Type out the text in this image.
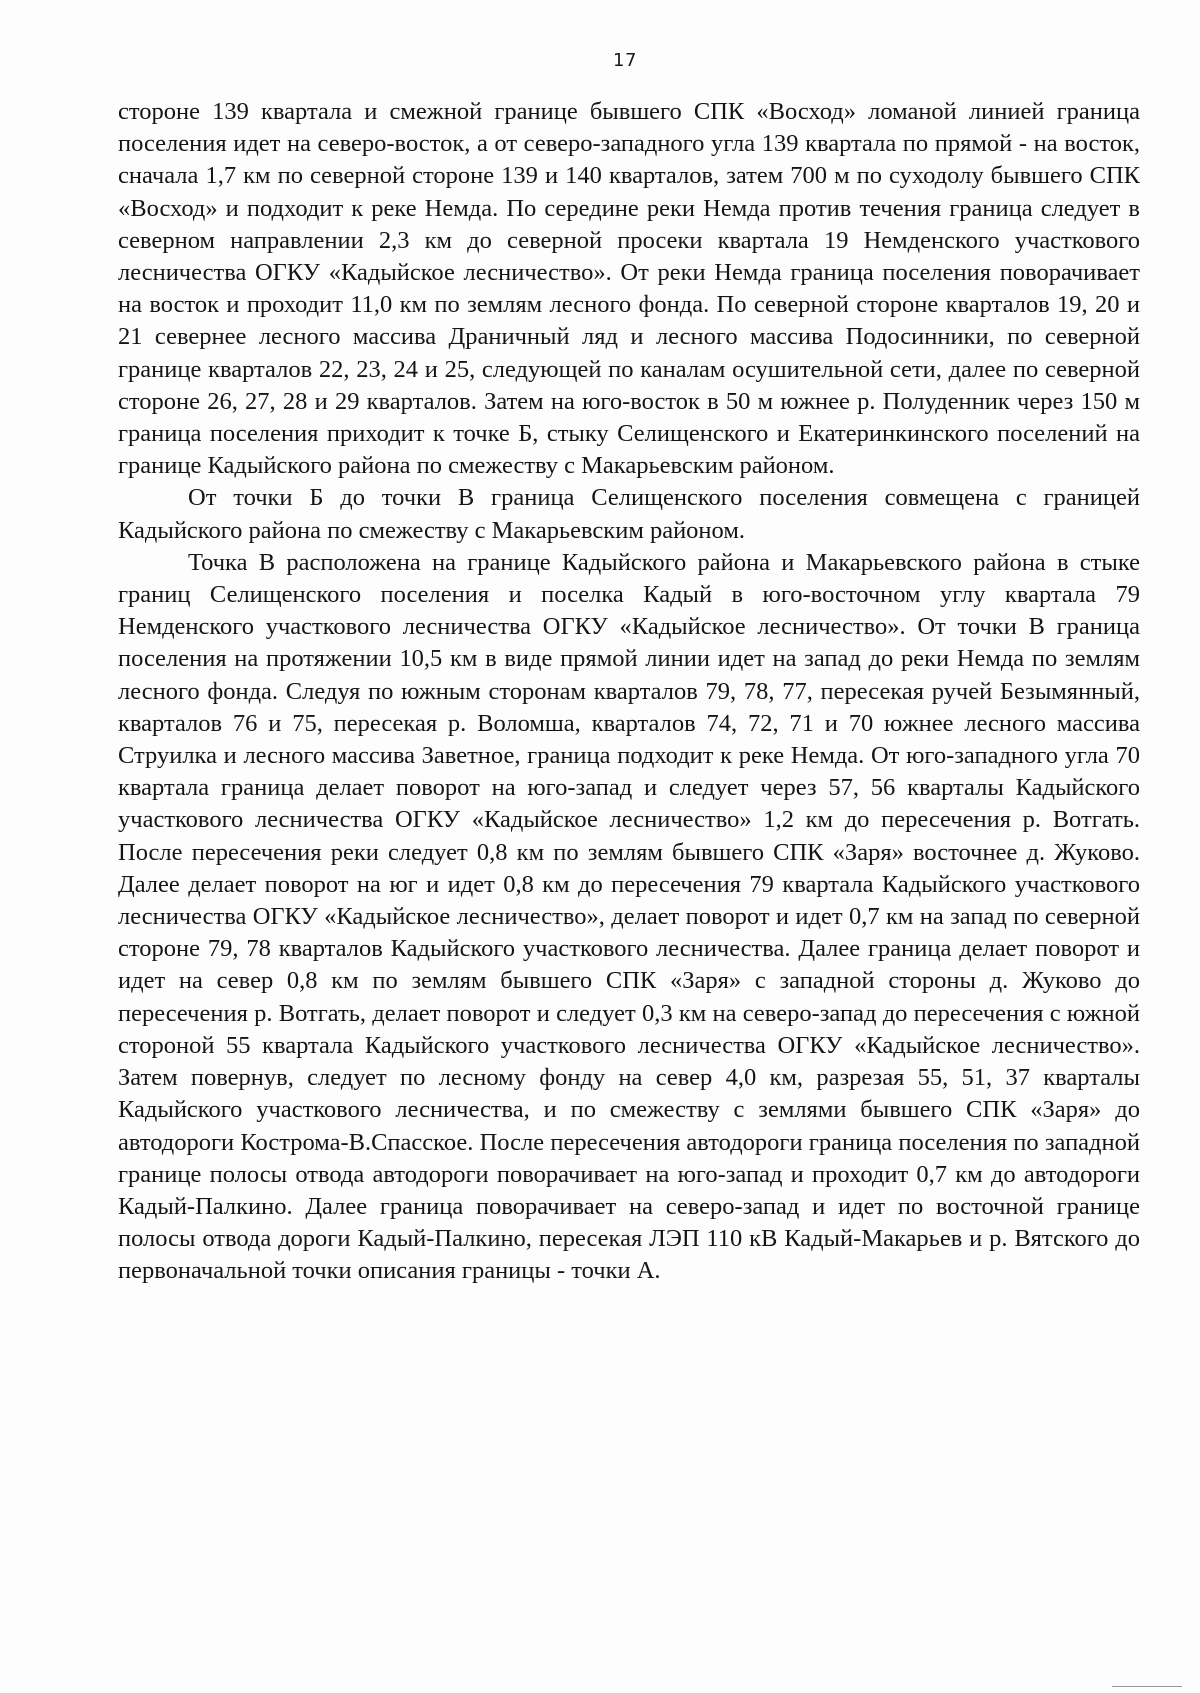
17

стороне 139 квартала и смежной границе бывшего СПК «Восход» ломаной линией граница поселения идет на северо-восток, а от северо-западного угла 139 квартала по прямой - на восток, сначала 1,7 км по северной стороне 139 и 140 кварталов, затем 700 м по суходолу бывшего СПК «Восход» и подходит к реке Немда. По середине реки Немда против течения граница следует в северном направлении 2,3 км до северной просеки квартала 19 Немденского участкового лесничества ОГКУ «Кадыйское лесничество». От реки Немда граница поселения поворачивает на восток и проходит 11,0 км по землям лесного фонда. По северной стороне кварталов 19, 20 и 21 севернее лесного массива Драничный ляд и лесного массива Подосинники, по северной границе кварталов 22, 23, 24 и 25, следующей по каналам осушительной сети, далее по северной стороне 26, 27, 28 и 29 кварталов. Затем на юго-восток в 50 м южнее р. Полуденник через 150 м граница поселения приходит к точке Б, стыку Селищенского и Екатеринкинского поселений на границе Кадыйского района по смежеству с Макарьевским районом.

От точки Б до точки В граница Селищенского поселения совмещена с границей Кадыйского района по смежеству с Макарьевским районом.

Точка В расположена на границе Кадыйского района и Макарьевского района в стыке границ Селищенского поселения и поселка Кадый в юго-восточном углу квартала 79 Немденского участкового лесничества ОГКУ «Кадыйское лесничество». От точки В граница поселения на протяжении 10,5 км в виде прямой линии идет на запад до реки Немда по землям лесного фонда. Следуя по южным сторонам кварталов 79, 78, 77, пересекая ручей Безымянный, кварталов 76 и 75, пересекая р. Воломша, кварталов 74, 72, 71 и 70 южнее лесного массива Струилка и лесного массива Заветное, граница подходит к реке Немда. От юго-западного угла 70 квартала граница делает поворот на юго-запад и следует через 57, 56 кварталы Кадыйского участкового лесничества ОГКУ «Кадыйское лесничество» 1,2 км до пересечения р. Вотгать. После пересечения реки следует 0,8 км по землям бывшего СПК «Заря» восточнее д. Жуково. Далее делает поворот на юг и идет 0,8 км до пересечения 79 квартала Кадыйского участкового лесничества ОГКУ «Кадыйское лесничество», делает поворот и идет 0,7 км на запад по северной стороне 79, 78 кварталов Кадыйского участкового лесничества. Далее граница делает поворот и идет на север 0,8 км по землям бывшего СПК «Заря» с западной стороны д. Жуково до пересечения р. Вотгать, делает поворот и следует 0,3 км на северо-запад до пересечения с южной стороной 55 квартала Кадыйского участкового лесничества ОГКУ «Кадыйское лесничество». Затем повернув, следует по лесному фонду на север 4,0 км, разрезая 55, 51, 37 кварталы Кадыйского участкового лесничества, и по смежеству с землями бывшего СПК «Заря» до автодороги Кострома-В.Спасское. После пересечения автодороги граница поселения по западной границе полосы отвода автодороги поворачивает на юго-запад и проходит 0,7 км до автодороги Кадый-Палкино. Далее граница поворачивает на северо-запад и идет по восточной границе полосы отвода дороги Кадый-Палкино, пересекая ЛЭП 110 кВ Кадый-Макарьев и р. Вятского до первоначальной точки описания границы - точки А.
